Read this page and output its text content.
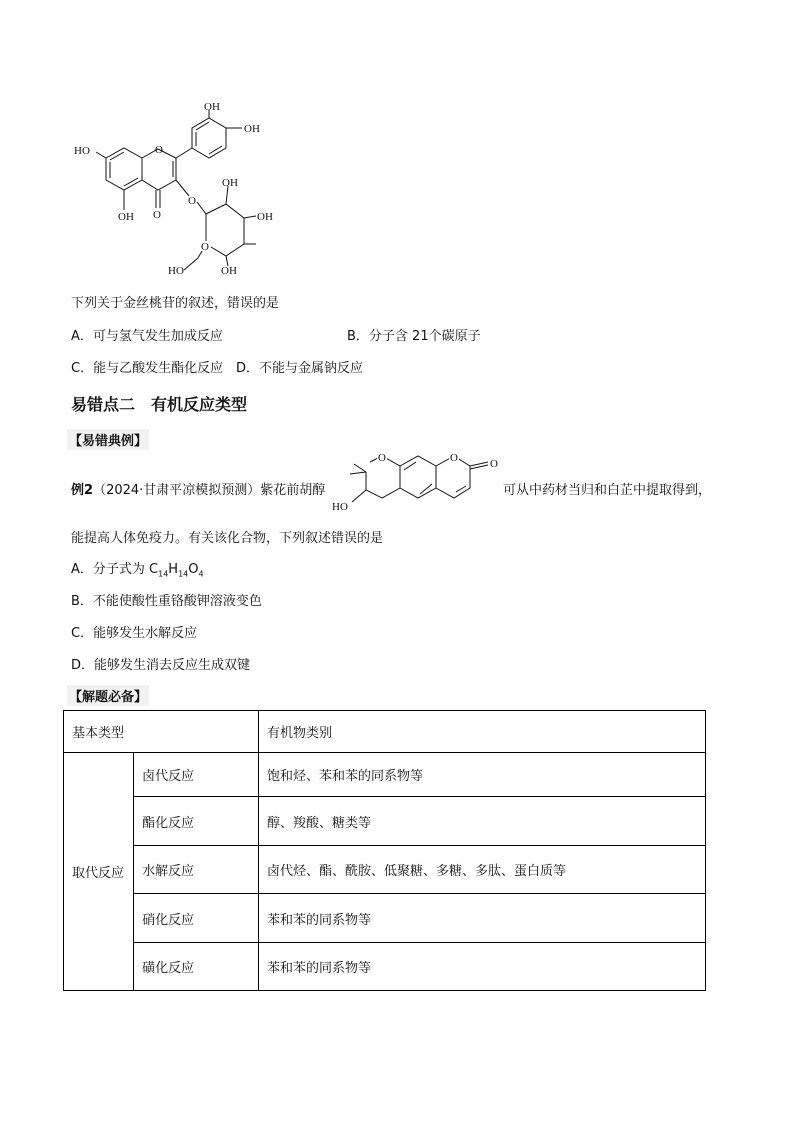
OH
OH
HO	O
O
O
OH
OH
OH
OH
O
HO
下列关于金丝桃苷的叙述，错误的是
A．可与氢气发生加成反应	B．分子含 21个碳原子
C．能与乙酸发生酯化反应 D．不能与金属钠反应
易错点二　有机反应类型
【易错典例】
例2（2024·甘肃平凉模拟预测）紫花前胡醇
O	O	O
HO
可从中药材当归和白芷中提取得到，
能提高人体免疫力。有关该化合物，下列叙述错误的是
A．分子式为 $C_{14}H_{14}O_4$
B．不能使酸性重铬酸钾溶液变色
C．能够发生水解反应
D．能够发生消去反应生成双键
【解题必备】
基本类型		有机物类别
取代反应	卤代反应	饱和烃、苯和苯的同系物等
	酯化反应	醇、羧酸、糖类等
	水解反应	卤代烃、酯、酰胺、低聚糖、多糖、多肽、蛋白质等
	硝化反应	苯和苯的同系物等
	磺化反应	苯和苯的同系物等
